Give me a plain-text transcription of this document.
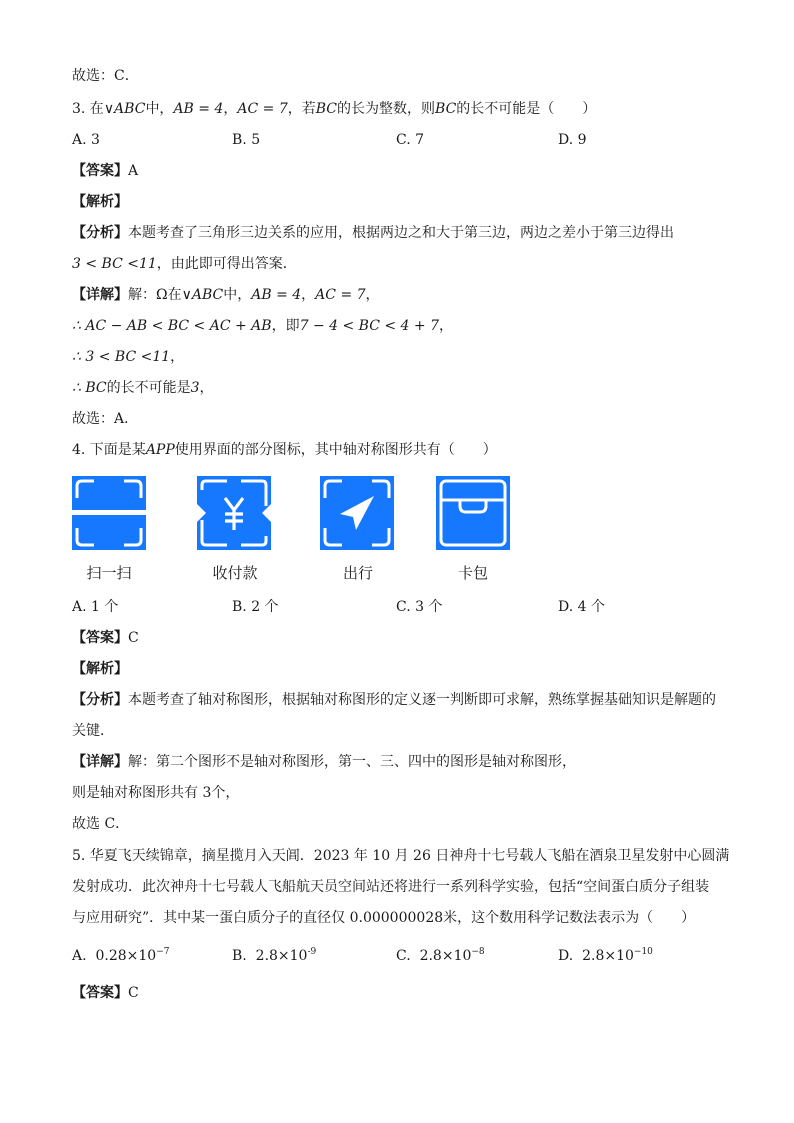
故选：C．
3. 在∨ABC中，AB = 4，AC = 7，若BC的长为整数，则BC的长不可能是（　　）
A. 3	B. 5	C. 7	D. 9
【答案】A
【解析】
【分析】本题考查了三角形三边关系的应用，根据两边之和大于第三边，两边之差小于第三边得出
3 < BC <11，由此即可得出答案．
【详解】解：Ω在∨ABC中，AB = 4，AC = 7，
∴ AC − AB < BC < AC + AB，即7 − 4 < BC < 4 + 7，
∴ 3 < BC <11，
∴ BC的长不可能是3，
故选：A．
4. 下面是某APP使用界面的部分图标，其中轴对称图形共有（　　）
扫一扫	收付款	出行	卡包
A. 1 个	B. 2 个	C. 3 个	D. 4 个
【答案】C
【解析】
【分析】本题考查了轴对称图形，根据轴对称图形的定义逐一判断即可求解，熟练掌握基础知识是解题的
关键．
【详解】解：第二个图形不是轴对称图形，第一、三、四中的图形是轴对称图形，
则是轴对称图形共有 3个，
故选 C．
5. 华夏飞天续锦章，摘星揽月入天阊．2023 年 10 月 26 日神舟十七号载人飞船在酒泉卫星发射中心圆满
发射成功．此次神舟十七号载人飞船航天员空间站还将进行一系列科学实验，包括“空间蛋白质分子组装
与应用研究”．其中某一蛋白质分子的直径仅 0.000000028米，这个数用科学记数法表示为（　　）
A. $0.28\times 10^{-7}$	B. $2.8\times 10^{-9}$	C. $2.8\times 10^{-8}$	D. $2.8\times 10^{-10}$
【答案】C
